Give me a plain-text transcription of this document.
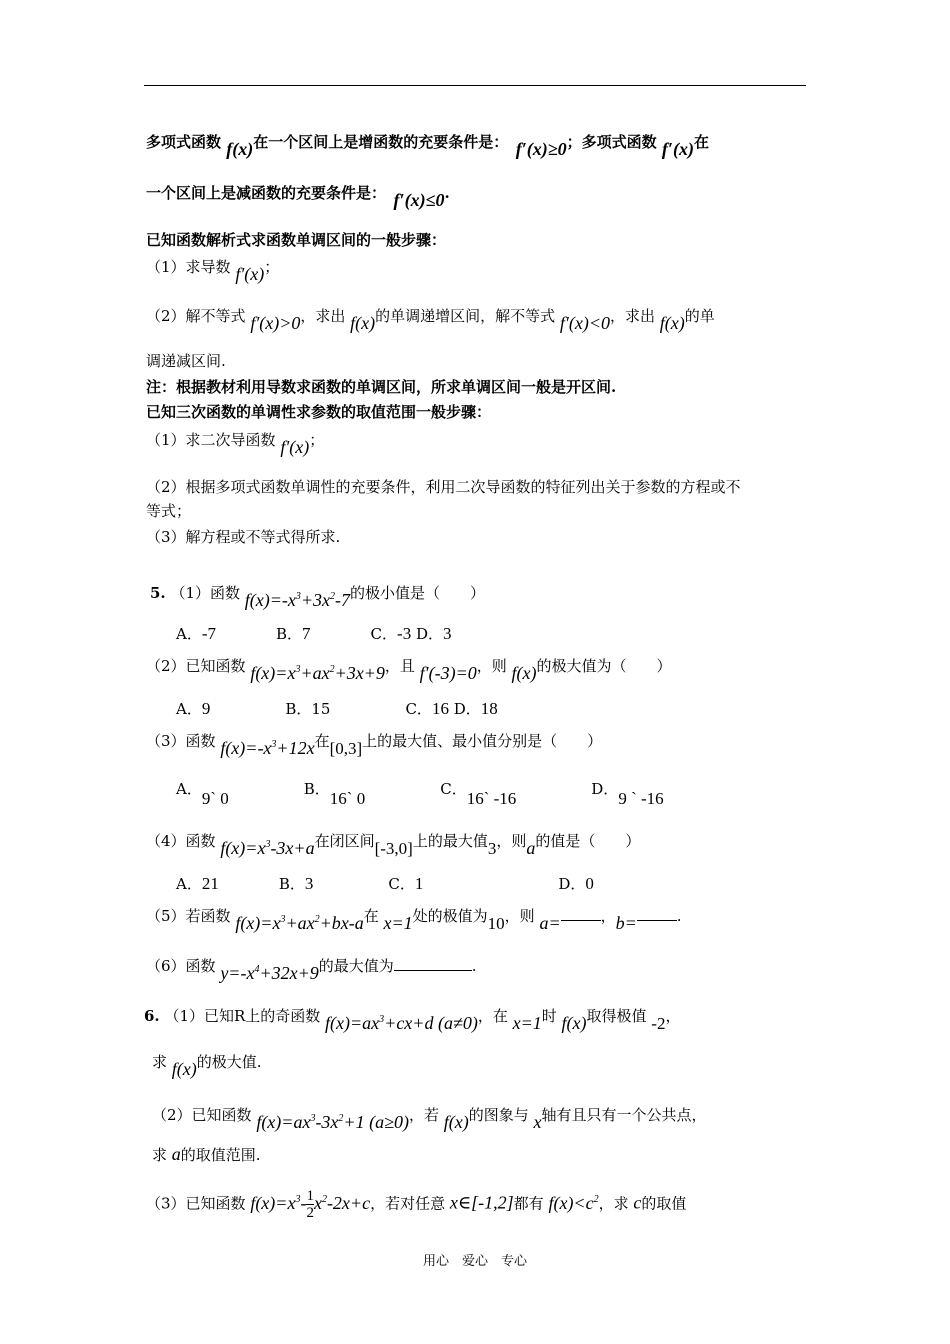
多项式函数 f(x)在一个区间上是增函数的充要条件是：　f′(x)≥0；多项式函数 f′(x)在
一个区间上是减函数的充要条件是：　f′(x)≤0.
已知函数解析式求函数单调区间的一般步骤：
（1）求导数 f′(x)；
（2）解不等式 f′(x)>0，求出 f(x)的单调递增区间，解不等式 f′(x)<0，求出 f(x)的单
调递减区间.
注：根据教材利用导数求函数的单调区间，所求单调区间一般是开区间.
已知三次函数的单调性求参数的取值范围一般步骤：
（1）求二次导函数 f′(x)；
（2）根据多项式函数单调性的充要条件，利用二次导函数的特征列出关于参数的方程或不
等式；
（3）解方程或不等式得所求.
5. （1）函数 $f(x)=-x^3+3x^2-7$的极小值是（　　）
A．-7　　　　B．7　　　　C．-3 D．3
（2）已知函数 $f(x)=x^3+ax^2+3x+9$，且 f′(-3)=0，则 f(x)的极大值为（　　）
A．9　　　　　B．15　　　　　C．16 D．18
（3）函数 $f(x)=-x^3+12x$在[0,3]上的最大值、最小值分别是（　　）
A．9` 0　　　　　B．16` 0　　　　　C．16` -16　　　　　D．9 ` -16
（4）函数 $f(x)=x^3-3x+a$在闭区间[-3,0]上的最大值3，则a的值是（　　）
A．21　　　　B．3　　　　　C．1　　　　　　　　　D．0
（5）若函数 $f(x)=x^3+ax^2+bx-a$在 x=1处的极值为10，则 a=	，b=	.
（6）函数 $y=-x^4+32x+9$的最大值为	.
6. （1）已知R上的奇函数 $f(x)=ax^3+cx+d$ (a≠0)，在 x=1时 f(x)取得极值 -2，
求 f(x)的极大值.
（2）已知函数 $f(x)=ax^3-3x^2+1$ (a≥0)，若 f(x)的图象与 x轴有且只有一个公共点，
求 a的取值范围.
（3）已知函数 $f(x)=x^3- \frac{1}{2} x^2-2x+c$，若对任意 x∈[-1,2]都有 $f(x)<c^2$，求 c的取值
用心　爱心　专心
